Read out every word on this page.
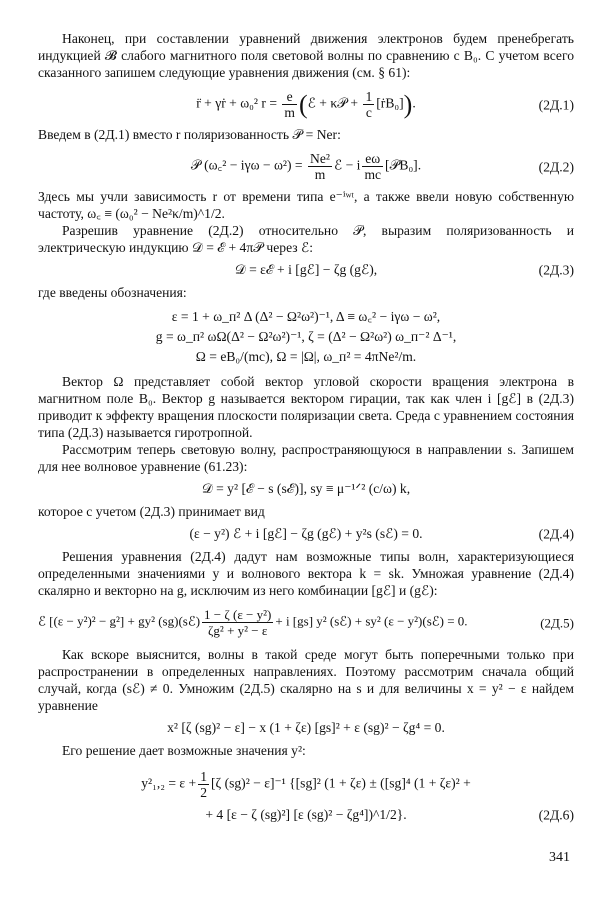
Наконец, при составлении уравнений движения электронов будем пренебрегать индукцией 𝓑 слабого магнитного поля световой волны по сравнению с B₀. С учетом всего сказанного запишем следующие уравнения движения (см. § 61):

r̈ + γṙ + ω₀² $r = \frac{e}{m}$ (ℰ + κ𝒫 + $\frac{1}{c}$ [ṙB₀]).	(2Д.1)

Введем в (2Д.1) вместо r поляризованность 𝒫 = Ner:

𝒫 (ω꜀² − $i\gamma\omega - \omega^2) = \frac{\text{Ne²}}{m}$ ℰ − i $\frac{e\omega}{mc}$ [𝒫B₀].	(2Д.2)

Здесь мы учли зависимость r от времени типа e⁻ⁱʷᵗ, а также ввели новую собственную частоту, ω꜀ ≡ (ω₀² − Ne²κ/m)^1/2.

Разрешив уравнение (2Д.2) относительно 𝒫, выразим поляризованность и электрическую индукцию 𝒟 = ℰ + 4π𝒫 через ℰ:

𝒟 = εℰ + i [gℰ] − ζg (gℰ),	(2Д.3)

где введены обозначения:

ε = 1 + ω_п² Δ (Δ² − Ω²ω²)⁻¹, Δ ≡ ω꜀² − iγω − ω²,
g = ω_п² ωΩ(Δ² − Ω²ω²)⁻¹, ζ = (Δ² − Ω²ω²) ω_п⁻² Δ⁻¹,
Ω = eB₀/(mc), Ω = |Ω|, ω_п² = 4πNe²/m.

Вектор Ω представляет собой вектор угловой скорости вращения электрона в магнитном поле B₀. Вектор g называется вектором гирации, так как член i [gℰ] в (2Д.3) приводит к эффекту вращения плоскости поляризации света. Среда с уравнением состояния типа (2Д.3) называется гиротропной.

Рассмотрим теперь световую волну, распространяющуюся в направлении s. Запишем для нее волновое уравнение (61.23):

𝒟 = y² [ℰ − s (sℰ)], sy ≡ μ⁻¹ᐟ² (c/ω) k,

которое с учетом (2Д.3) принимает вид

(ε − y²) ℰ + i [gℰ] − ζg (gℰ) + y²s (sℰ) = 0.	(2Д.4)

Решения уравнения (2Д.4) дадут нам возможные типы волн, характеризующиеся определенными значениями y и волнового вектора k = sk. Умножая уравнение (2Д.4) скалярно и векторно на g, исключим из него комбинации [gℰ] и (gℰ):

ℰ [(ε − y²)² − g²] + gy² (sg)(sℰ) $\frac{\text{1 − ζ (ε − y²)}}{\text{ζg² + y² − ε}} + i$ [gs] y² (sℰ) + sy² (ε − y²)(sℰ) = 0.	(2Д.5)

Как вскоре выяснится, волны в такой среде могут быть поперечными только при распространении в определенных направлениях. Поэтому рассмотрим сначала общий случай, когда (sℰ) ≠ 0. Умножим (2Д.5) скалярно на s и для величины x = y² − ε найдем уравнение

x² [ζ (sg)² − ε] − x (1 + ζε) [gs]² + ε (sg)² − ζg⁴ = 0.

Его решение дает возможные значения y²:

$y^2_1,_2 = \varepsilon + \frac{1}{2} [\zeta$ (sg)² − ε]⁻¹ {[sg]² (1 + ζε) ± ([sg]⁴ (1 + ζε)² +
+ 4 [ε − ζ (sg)²] [ε (sg)² − ζg⁴])^1/2}.	(2Д.6)
341
